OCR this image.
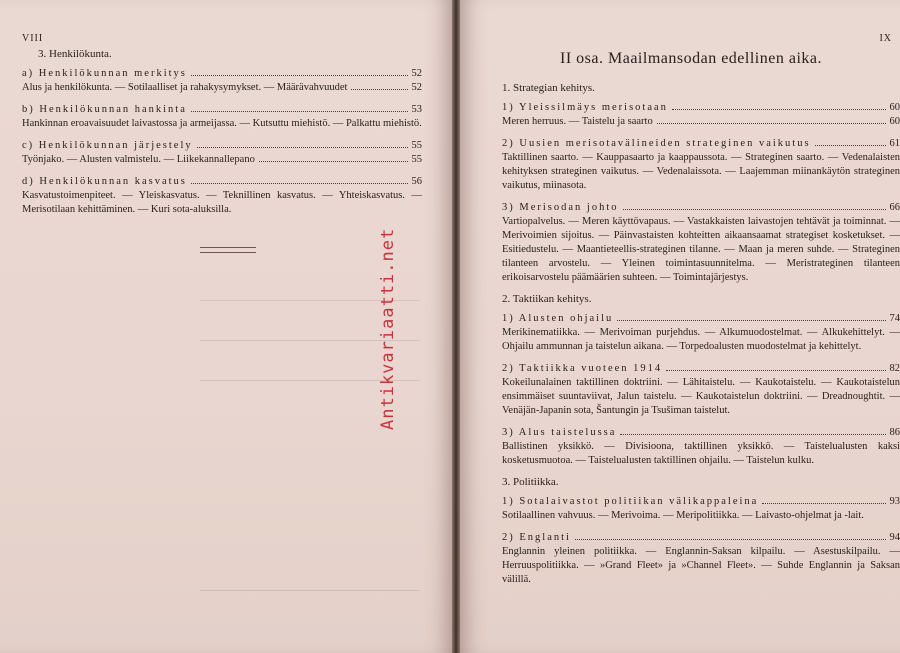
VIII
3. Henkilökunta.
a) Henkilökunnan merkitys	52
Alus ja henkilökunta. — Sotilaalliset ja rahakysymykset. — Määrävahvuudet	52
b) Henkilökunnan hankinta	53
Hankinnan eroavaisuudet laivastossa ja armeijassa. — Kutsuttu miehistö. — Palkattu miehistö.
c) Henkilökunnan järjestely	55
Työnjako. — Alusten valmistelu. — Liikekannallepano	55
d) Henkilökunnan kasvatus	56
Kasvatustoimenpiteet. — Yleiskasvatus. — Teknillinen kasvatus. — Yhteiskasvatus. — Merisotilaan kehittäminen. — Kuri sota-aluksilla.
IX
II osa. Maailmansodan edellinen aika.
1. Strategian kehitys.
1) Yleissilmäys merisotaan	60
Meren herruus. — Taistelu ja saarto	60
2) Uusien merisotavälineiden strateginen vaikutus	61
Taktillinen saarto. — Kauppasaarto ja kaappaussota. — Strateginen saarto. — Vedenalaisten kehityksen strateginen vaikutus. — Vedenalaissota. — Laajemman miinankäytön strateginen vaikutus, miinasota.
3) Merisodan johto	66
Vartiopalvelus. — Meren käyttövapaus. — Vastakkaisten laivastojen tehtävät ja toiminnat. — Merivoimien sijoitus. — Päinvastaisten kohteitten aikaansaamat strategiset kosketukset. — Esitiedustelu. — Maantieteellis-strateginen tilanne. — Maan ja meren suhde. — Strateginen tilanteen arvostelu. — Yleinen toimintasuunnitelma. — Meristrateginen tilanteen erikoisarvostelu päämäärien suhteen. — Toimintajärjestys.
2. Taktiikan kehitys.
1) Alusten ohjailu	74
Merikinematiikka. — Merivoiman purjehdus. — Alkumuodostelmat. — Alkukehittelyt. — Ohjailu ammunnan ja taistelun aikana. — Torpedoalusten muodostelmat ja kehittelyt.
2) Taktiikka vuoteen 1914	82
Kokeilunalainen taktillinen doktriini. — Lähitaistelu. — Kaukotaistelu. — Kaukotaistelun ensimmäiset suuntaviivat, Jalun taistelu. — Kaukotaistelun doktriini. — Dreadnoughtit. — Venäjän-Japanin sota, Šantungin ja Tsušiman taistelut.
3) Alus taistelussa	86
Ballistinen yksikkö. — Divisioona, taktillinen yksikkö. — Taistelualusten kaksi kosketusmuotoa. — Taistelualusten taktillinen ohjailu. — Taistelun kulku.
3. Politiikka.
1) Sotalaivastot politiikan välikappaleina	93
Sotilaallinen vahvuus. — Merivoima. — Meripolitiikka. — Laivasto-ohjelmat ja -lait.
2) Englanti	94
Englannin yleinen politiikka. — Englannin-Saksan kilpailu. — Asestuskilpailu. — Herruuspolitiikka. — »Grand Fleet» ja »Channel Fleet». — Suhde Englannin ja Saksan välillä.
Antikvariaatti.net
